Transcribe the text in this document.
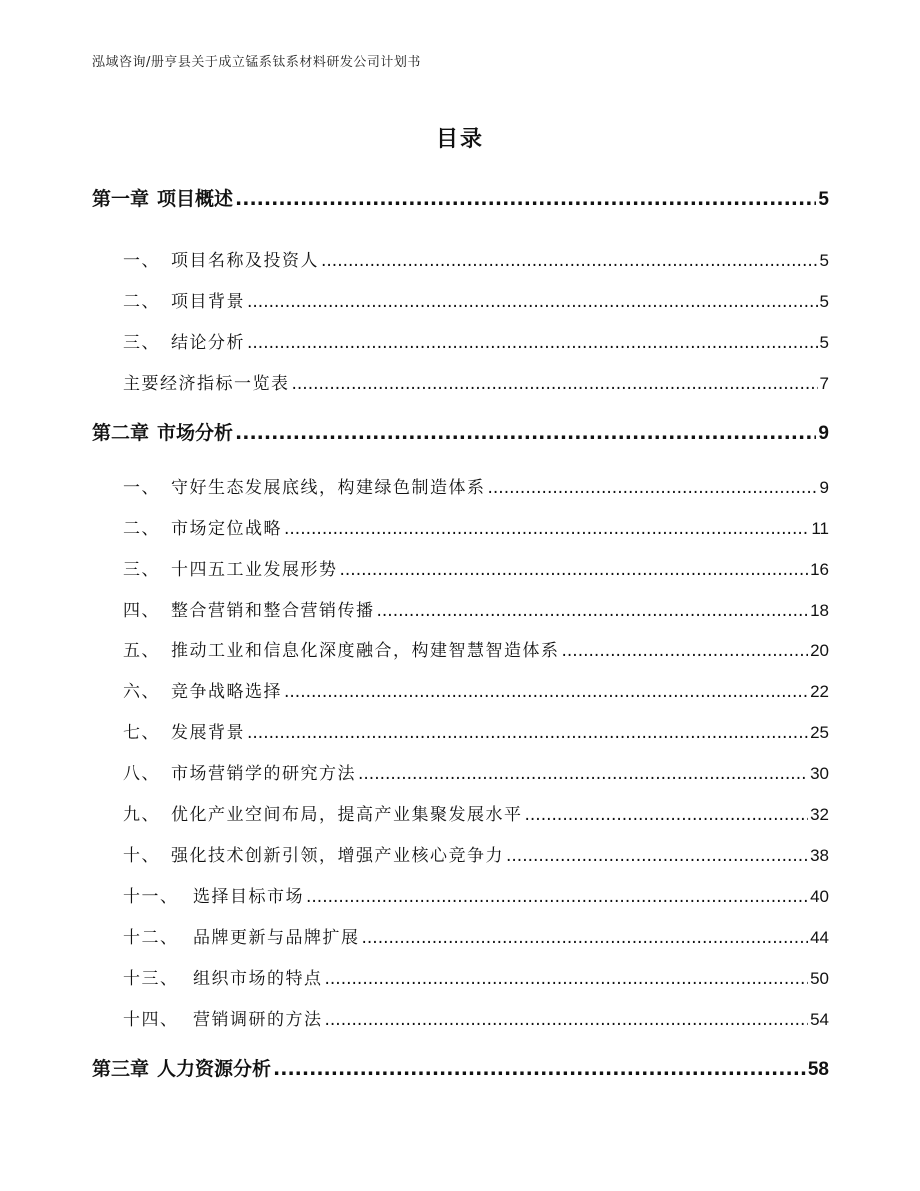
泓域咨询/册亨县关于成立锰系钛系材料研发公司计划书
目录
第一章 项目概述 .....	5
一、 项目名称及投资人 .....	5
二、 项目背景 .....	5
三、 结论分析 .....	5
主要经济指标一览表 .....	7
第二章 市场分析 .....	9
一、 守好生态发展底线，构建绿色制造体系 .....	9
二、 市场定位战略 .....	11
三、 十四五工业发展形势 .....	16
四、 整合营销和整合营销传播 .....	18
五、 推动工业和信息化深度融合，构建智慧智造体系 .....	20
六、 竞争战略选择 .....	22
七、 发展背景 .....	25
八、 市场营销学的研究方法 .....	30
九、 优化产业空间布局，提高产业集聚发展水平 .....	32
十、 强化技术创新引领，增强产业核心竞争力 .....	38
十一、 选择目标市场 .....	40
十二、 品牌更新与品牌扩展 .....	44
十三、 组织市场的特点 .....	50
十四、 营销调研的方法 .....	54
第三章 人力资源分析 .....	58
